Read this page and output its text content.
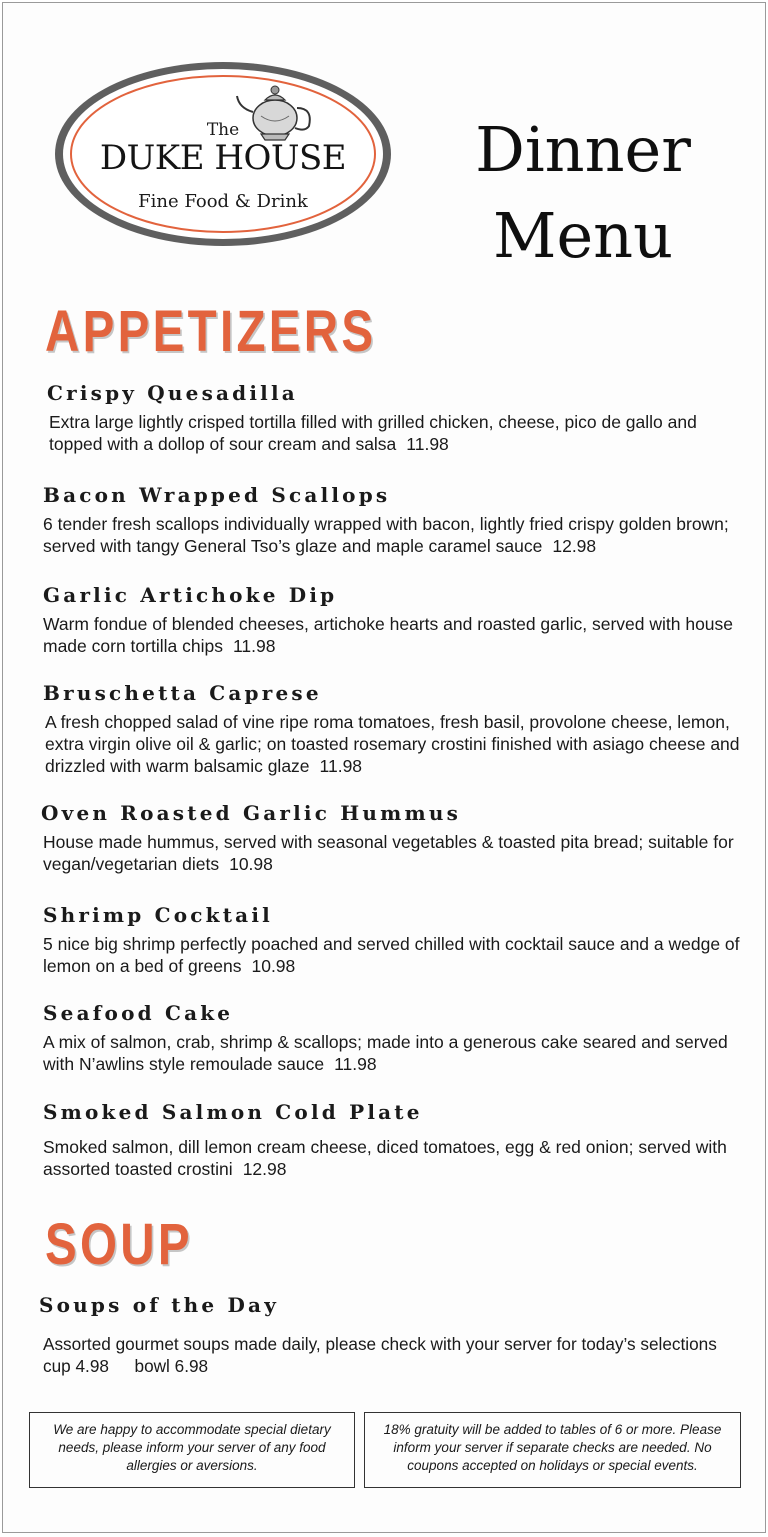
The
DUKE HOUSE
Fine Food & Drink
Dinner
Menu
APPETIZERS
Crispy Quesadilla
Extra large lightly crisped tortilla filled with grilled chicken, cheese, pico de gallo and topped with a dollop of sour cream and salsa 11.98
Bacon Wrapped Scallops
6 tender fresh scallops individually wrapped with bacon, lightly fried crispy golden brown; served with tangy General Tso’s glaze and maple caramel sauce 12.98
Garlic Artichoke Dip
Warm fondue of blended cheeses, artichoke hearts and roasted garlic, served with house made corn tortilla chips 11.98
Bruschetta Caprese
A fresh chopped salad of vine ripe roma tomatoes, fresh basil, provolone cheese, lemon, extra virgin olive oil & garlic; on toasted rosemary crostini finished with asiago cheese and drizzled with warm balsamic glaze 11.98
Oven Roasted Garlic Hummus
House made hummus, served with seasonal vegetables & toasted pita bread; suitable for vegan/vegetarian diets 10.98
Shrimp Cocktail
5 nice big shrimp perfectly poached and served chilled with cocktail sauce and a wedge of lemon on a bed of greens 10.98
Seafood Cake
A mix of salmon, crab, shrimp & scallops; made into a generous cake seared and served with N’awlins style remoulade sauce 11.98
Smoked Salmon Cold Plate
Smoked salmon, dill lemon cream cheese, diced tomatoes, egg & red onion; served with assorted toasted crostini 12.98
SOUP
Soups of the Day
Assorted gourmet soups made daily, please check with your server for today’s selections
cup 4.98 bowl 6.98
We are happy to accommodate special dietary needs, please inform your server of any food allergies or aversions.
18% gratuity will be added to tables of 6 or more. Please inform your server if separate checks are needed. No coupons accepted on holidays or special events.
